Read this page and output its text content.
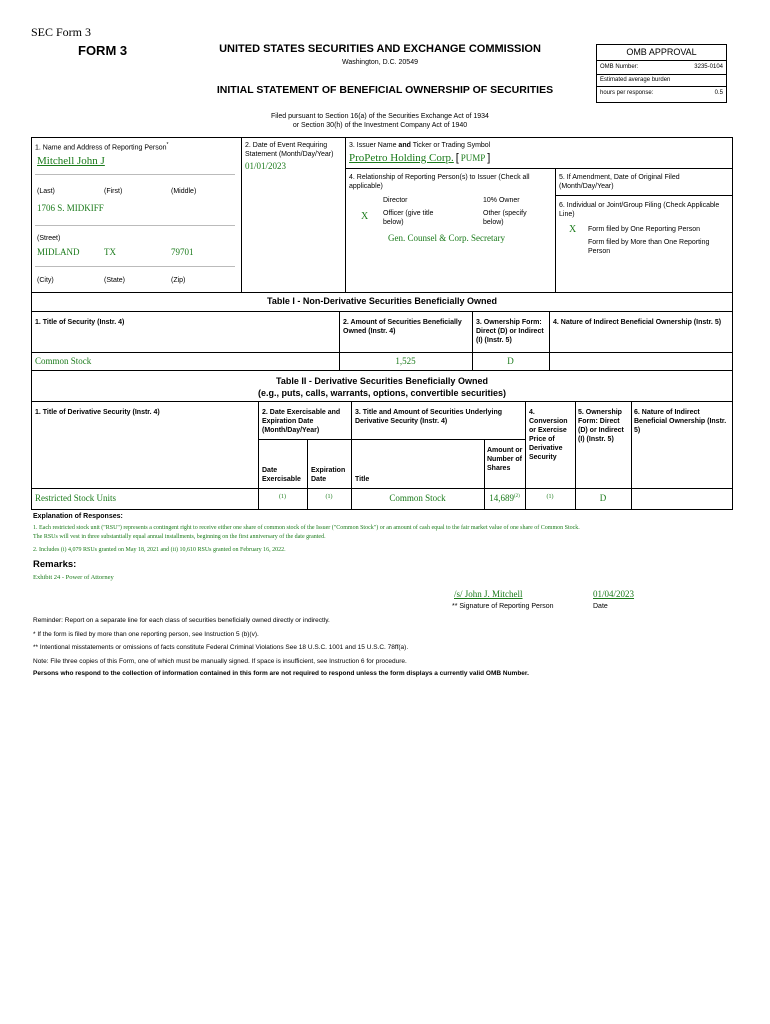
SEC Form 3
FORM 3	UNITED STATES SECURITIES AND EXCHANGE COMMISSION
Washington, D.C. 20549
INITIAL STATEMENT OF BENEFICIAL OWNERSHIP OF SECURITIES
Filed pursuant to Section 16(a) of the Securities Exchange Act of 1934
or Section 30(h) of the Investment Company Act of 1940
OMB APPROVAL
OMB Number:	3235-0104
Estimated average burden
hours per response:	0.5
1. Name and Address of Reporting Person*
Mitchell John J
(Last)	(First)	(Middle)
1706 S. MIDKIFF
(Street)
MIDLAND	TX	79701
(City)	(State)	(Zip)
2. Date of Event Requiring Statement (Month/Day/Year)
01/01/2023
3. Issuer Name and Ticker or Trading Symbol
ProPetro Holding Corp. [ PUMP ]
4. Relationship of Reporting Person(s) to Issuer (Check all applicable)
Director	10% Owner
X Officer (give title below)
Other (specify below)
Gen. Counsel & Corp. Secretary
5. If Amendment, Date of Original Filed (Month/Day/Year)
6. Individual or Joint/Group Filing (Check Applicable Line)
X Form filed by One Reporting Person
Form filed by More than One Reporting Person
Table I - Non-Derivative Securities Beneficially Owned
1. Title of Security (Instr. 4)	2. Amount of Securities Beneficially Owned (Instr. 4)
3. Ownership Form: Direct (D) or Indirect (I) (Instr. 5)
4. Nature of Indirect Beneficial Ownership (Instr. 5)
Common Stock	1,525	D
Table II - Derivative Securities Beneficially Owned
(e.g., puts, calls, warrants, options, convertible securities)
1. Title of Derivative Security (Instr. 4)	2. Date Exercisable and Expiration Date (Month/Day/Year)
3. Title and Amount of Securities Underlying Derivative Security (Instr. 4)
4. Conversion or Exercise Price of Derivative Security
5. Ownership Form: Direct (D) or Indirect (I) (Instr. 5)
6. Nature of Indirect Beneficial Ownership (Instr. 5)
Date Exercisable
Expiration Date	Title
Amount or Number of Shares
Restricted Stock Units	(1)	(1)	Common Stock	14,689$^{(2)}$	(1)	D
Explanation of Responses:
1. Each restricted stock unit ("RSU") represents a contingent right to receive either one share of common stock of the Issuer ("Common Stock") or an amount of cash equal to the fair market value of one share of Common Stock.
The RSUs will vest in three substantially equal annual installments, beginning on the first anniversary of the date granted.
2. Includes (i) 4,079 RSUs granted on May 18, 2021 and (ii) 10,610 RSUs granted on February 16, 2022.
Remarks:
Exhibit 24 - Power of Attorney
/s/ John J. Mitchell	01/04/2023
** Signature of Reporting Person	Date
Reminder: Report on a separate line for each class of securities beneficially owned directly or indirectly.
* If the form is filed by more than one reporting person, see Instruction 5 (b)(v).
** Intentional misstatements or omissions of facts constitute Federal Criminal Violations See 18 U.S.C. 1001 and 15 U.S.C. 78ff(a).
Note: File three copies of this Form, one of which must be manually signed. If space is insufficient, see Instruction 6 for procedure.
Persons who respond to the collection of information contained in this form are not required to respond unless the form displays a currently valid OMB Number.
